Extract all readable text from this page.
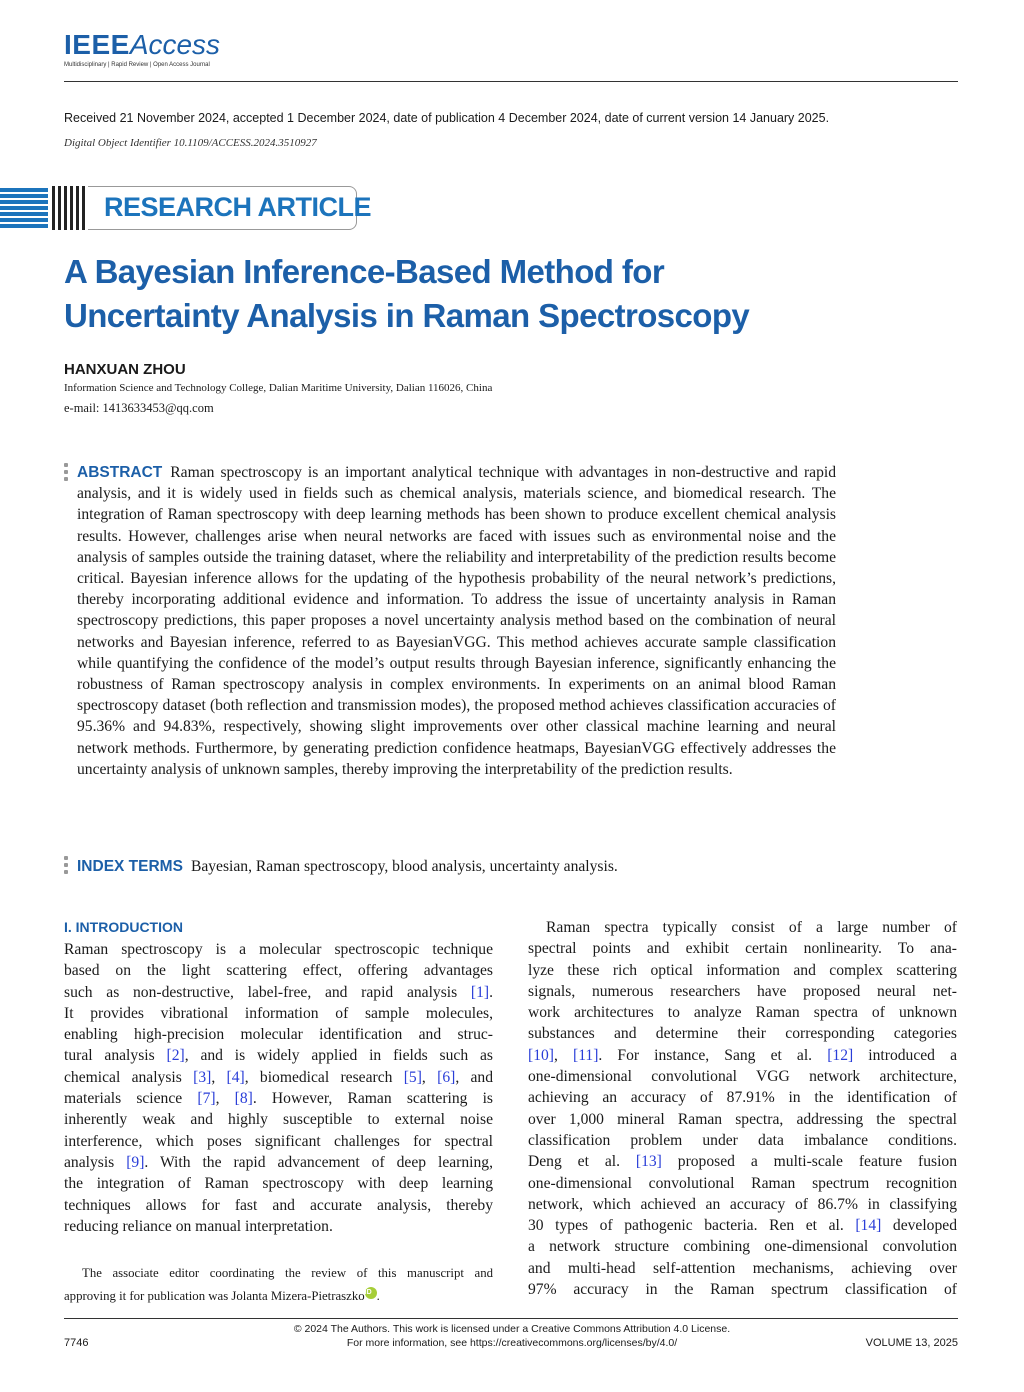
IEEEAccess
Multidisciplinary | Rapid Review | Open Access Journal
Received 21 November 2024, accepted 1 December 2024, date of publication 4 December 2024, date of current version 14 January 2025.
Digital Object Identifier 10.1109/ACCESS.2024.3510927
RESEARCH ARTICLE
A Bayesian Inference-Based Method for
Uncertainty Analysis in Raman Spectroscopy
HANXUAN ZHOU
Information Science and Technology College, Dalian Maritime University, Dalian 116026, China
e-mail: 1413633453@qq.com
ABSTRACT Raman spectroscopy is an important analytical technique with advantages in non-destructive and rapid analysis, and it is widely used in fields such as chemical analysis, materials science, and biomedical research. The integration of Raman spectroscopy with deep learning methods has been shown to produce excellent chemical analysis results. However, challenges arise when neural networks are faced with issues such as environmental noise and the analysis of samples outside the training dataset, where the reliability and interpretability of the prediction results become critical. Bayesian inference allows for the updating of the hypothesis probability of the neural network’s predictions, thereby incorporating additional evidence and information. To address the issue of uncertainty analysis in Raman spectroscopy predictions, this paper proposes a novel uncertainty analysis method based on the combination of neural networks and Bayesian inference, referred to as BayesianVGG. This method achieves accurate sample classification while quantifying the confidence of the model’s output results through Bayesian inference, significantly enhancing the robustness of Raman spectroscopy analysis in complex environments. In experiments on an animal blood Raman spectroscopy dataset (both reflection and transmission modes), the proposed method achieves classification accuracies of 95.36% and 94.83%, respectively, showing slight improvements over other classical machine learning and neural network methods. Furthermore, by generating prediction confidence heatmaps, BayesianVGG effectively addresses the uncertainty analysis of unknown samples, thereby improving the interpretability of the prediction results.
INDEX TERMS Bayesian, Raman spectroscopy, blood analysis, uncertainty analysis.
I. INTRODUCTION
Raman spectroscopy is a molecular spectroscopic technique
based on the light scattering effect, offering advantages
such as non-destructive, label-free, and rapid analysis [1].
It provides vibrational information of sample molecules,
enabling high-precision molecular identification and struc-
tural analysis [2], and is widely applied in fields such as
chemical analysis [3], [4], biomedical research [5], [6], and
materials science [7], [8]. However, Raman scattering is
inherently weak and highly susceptible to external noise
interference, which poses significant challenges for spectral
analysis [9]. With the rapid advancement of deep learning,
the integration of Raman spectroscopy with deep learning
techniques allows for fast and accurate analysis, thereby
reducing reliance on manual interpretation.
The associate editor coordinating the review of this manuscript and
approving it for publication was Jolanta Mizera-PietraszkoiD .
Raman spectra typically consist of a large number of
spectral points and exhibit certain nonlinearity. To ana-
lyze these rich optical information and complex scattering
signals, numerous researchers have proposed neural net-
work architectures to analyze Raman spectra of unknown
substances and determine their corresponding categories
[10], [11]. For instance, Sang et al. [12] introduced a
one-dimensional convolutional VGG network architecture,
achieving an accuracy of 87.91% in the identification of
over 1,000 mineral Raman spectra, addressing the spectral
classification problem under data imbalance conditions.
Deng et al. [13] proposed a multi-scale feature fusion
one-dimensional convolutional Raman spectrum recognition
network, which achieved an accuracy of 86.7% in classifying
30 types of pathogenic bacteria. Ren et al. [14] developed
a network structure combining one-dimensional convolution
and multi-head self-attention mechanisms, achieving over
97% accuracy in the Raman spectrum classification of
7746
© 2024 The Authors. This work is licensed under a Creative Commons Attribution 4.0 License.
For more information, see https://creativecommons.org/licenses/by/4.0/	VOLUME 13, 2025
